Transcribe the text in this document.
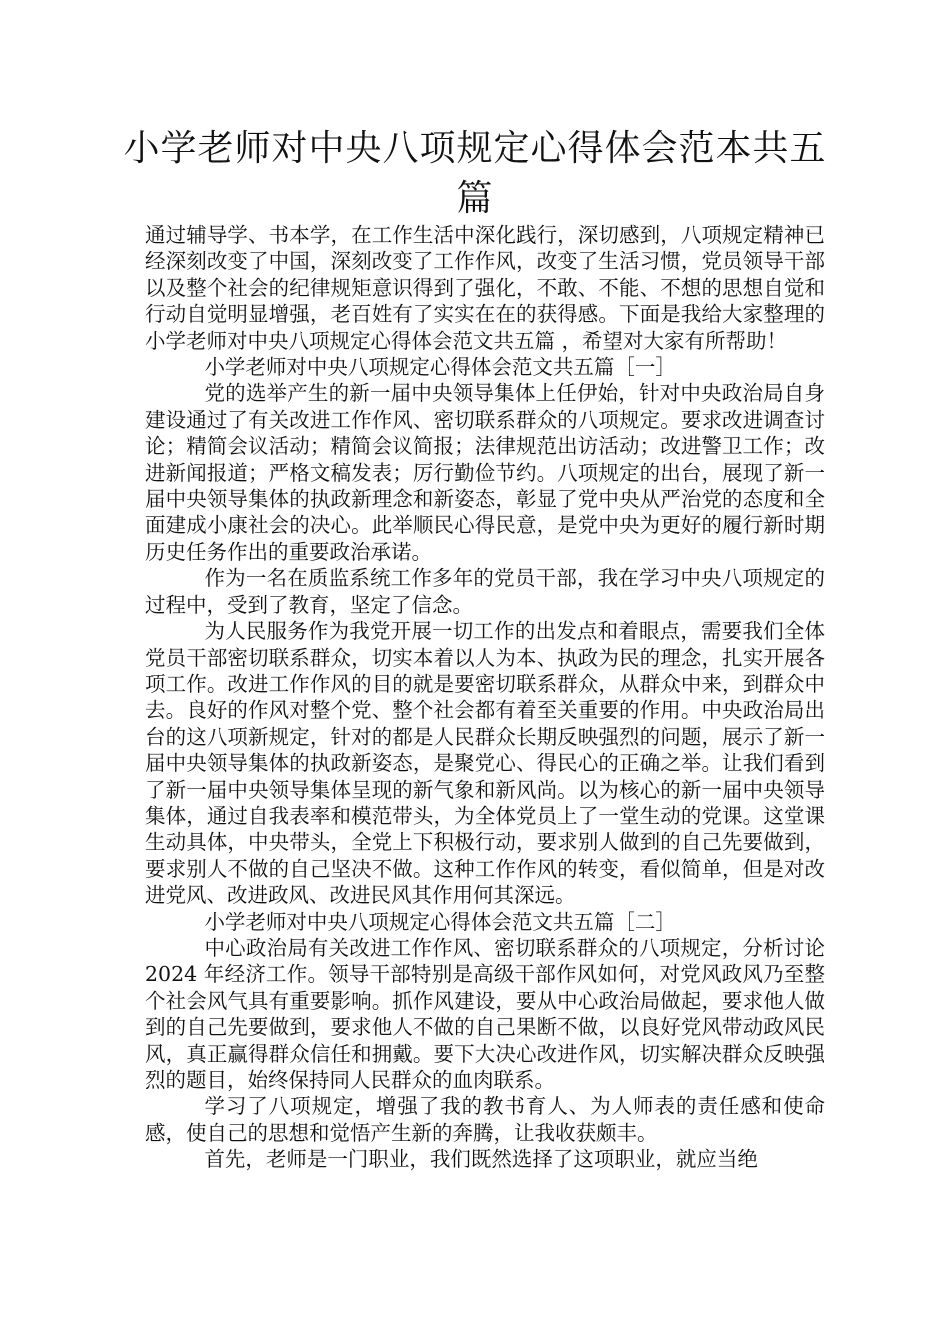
小学老师对中央八项规定心得体会范本共五篇

通过辅导学、书本学，在工作生活中深化践行，深切感到，八项规定精神已经深刻改变了中国，深刻改变了工作作风，改变了生活习惯，党员领导干部以及整个社会的纪律规矩意识得到了强化，不敢、不能、不想的思想自觉和行动自觉明显增强，老百姓有了实实在在的获得感。下面是我给大家整理的小学老师对中央八项规定心得体会范文共五篇 ，希望对大家有所帮助！

小学老师对中央八项规定心得体会范文共五篇［一］

党的选举产生的新一届中央领导集体上任伊始，针对中央政治局自身建设通过了有关改进工作作风、密切联系群众的八项规定。要求改进调查讨论；精简会议活动；精简会议简报；法律规范出访活动；改进警卫工作；改进新闻报道；严格文稿发表；厉行勤俭节约。八项规定的出台，展现了新一届中央领导集体的执政新理念和新姿态，彰显了党中央从严治党的态度和全面建成小康社会的决心。此举顺民心得民意，是党中央为更好的履行新时期历史任务作出的重要政治承诺。

作为一名在质监系统工作多年的党员干部，我在学习中央八项规定的过程中，受到了教育，坚定了信念。

为人民服务作为我党开展一切工作的出发点和着眼点，需要我们全体党员干部密切联系群众，切实本着以人为本、执政为民的理念，扎实开展各项工作。改进工作作风的目的就是要密切联系群众，从群众中来，到群众中去。良好的作风对整个党、整个社会都有着至关重要的作用。中央政治局出台的这八项新规定，针对的都是人民群众长期反映强烈的问题，展示了新一届中央领导集体的执政新姿态，是聚党心、得民心的正确之举。让我们看到了新一届中央领导集体呈现的新气象和新风尚。以为核心的新一届中央领导集体，通过自我表率和模范带头，为全体党员上了一堂生动的党课。这堂课生动具体，中央带头，全党上下积极行动，要求别人做到的自己先要做到，要求别人不做的自己坚决不做。这种工作作风的转变，看似简单，但是对改进党风、改进政风、改进民风其作用何其深远。

小学老师对中央八项规定心得体会范文共五篇［二］

中心政治局有关改进工作作风、密切联系群众的八项规定，分析讨论 2024 年经济工作。领导干部特别是高级干部作风如何，对党风政风乃至整个社会风气具有重要影响。抓作风建设，要从中心政治局做起，要求他人做到的自己先要做到，要求他人不做的自己果断不做，以良好党风带动政风民风，真正赢得群众信任和拥戴。要下大决心改进作风，切实解决群众反映强烈的题目，始终保持同人民群众的血肉联系。

学习了八项规定，增强了我的教书育人、为人师表的责任感和使命感，使自己的思想和觉悟产生新的奔腾，让我收获颇丰。

首先，老师是一门职业，我们既然选择了这项职业，就应当绝
